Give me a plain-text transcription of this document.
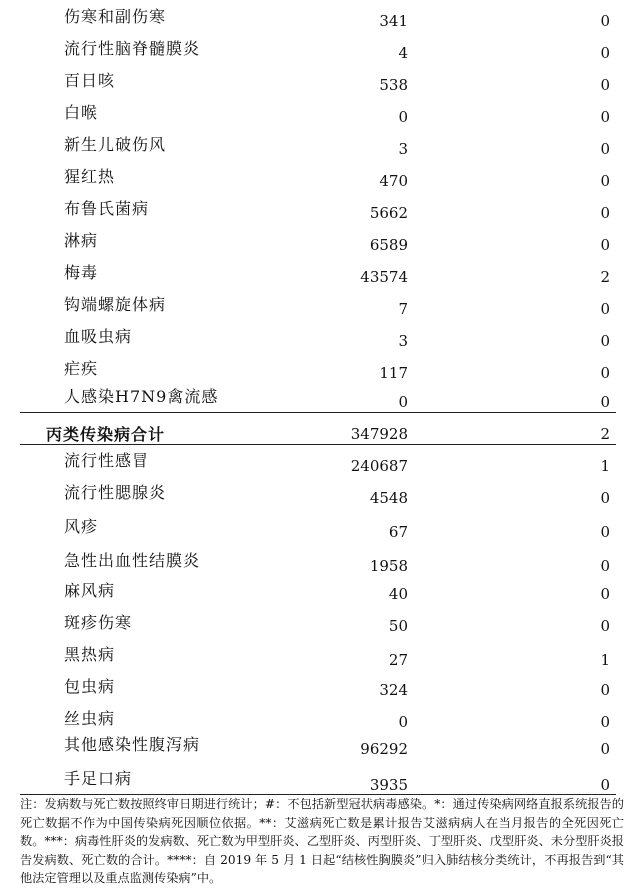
伤寒和副伤寒	341	0
流行性脑脊髓膜炎	4	0
百日咳	538	0
白喉	0	0
新生儿破伤风	3	0
猩红热	470	0
布鲁氏菌病	5662	0
淋病	6589	0
梅毒	43574	2
钩端螺旋体病	7	0
血吸虫病	3	0
疟疾	117	0
人感染H7N9禽流感	0	0
丙类传染病合计	347928	2
流行性感冒	240687	1
流行性腮腺炎	4548	0
风疹	67	0
急性出血性结膜炎	1958	0
麻风病	40	0
斑疹伤寒	50	0
黑热病	27	1
包虫病	324	0
丝虫病	0	0
其他感染性腹泻病	96292	0
手足口病	3935	0
注：发病数与死亡数按照终审日期进行统计；#：不包括新型冠状病毒感染。*：通过传染病网络直报系统报告的死亡数据不作为中国传染病死因顺位依据。**：艾滋病死亡数是累计报告艾滋病病人在当月报告的全死因死亡数。***：病毒性肝炎的发病数、死亡数为甲型肝炎、乙型肝炎、丙型肝炎、丁型肝炎、戊型肝炎、未分型肝炎报告发病数、死亡数的合计。****：自 2019 年 5 月 1 日起“结核性胸膜炎”归入肺结核分类统计，不再报告到“其他法定管理以及重点监测传染病”中。
